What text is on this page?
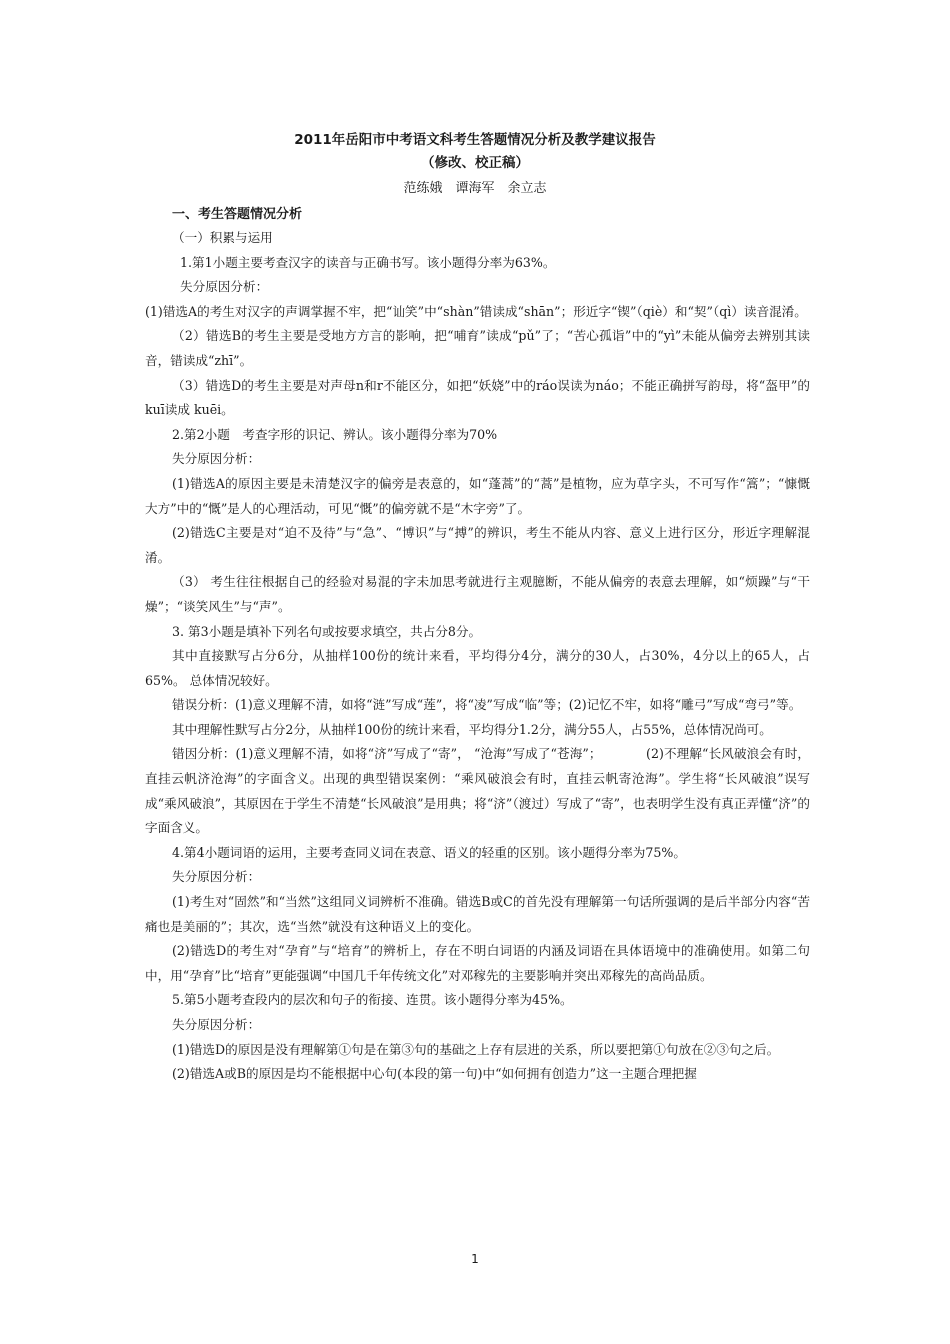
2011年岳阳市中考语文科考生答题情况分析及教学建议报告
（修改、校正稿）
范练娥　谭海军　余立志
一、考生答题情况分析

（一）积累与运用

1.第1小题主要考查汉字的读音与正确书写。该小题得分率为63%。

失分原因分析：

(1)错选A的考生对汉字的声调掌握不牢，把“讪笑”中“shàn”错读成“shān”；形近字“锲”（qiè）和“契”（qì）读音混淆。

（2）错选B的考生主要是受地方方言的影响，把“哺育”读成“pǔ”了；“苦心孤诣”中的“yì”未能从偏旁去辨别其读音，错读成“zhī”。

（3）错选D的考生主要是对声母n和r不能区分，如把“妖娆”中的ráo误读为náo；不能正确拼写韵母，将“盔甲”的 kuī读成 kuēi。

2.第2小题　考查字形的识记、辨认。该小题得分率为70%

失分原因分析：

(1)错选A的原因主要是未清楚汉字的偏旁是表意的，如“蓬蒿”的“蒿”是植物，应为草字头，不可写作“篙”；“慷慨大方”中的“慨”是人的心理活动，可见“慨”的偏旁就不是“木字旁”了。

(2)错选C主要是对“迫不及待”与“急”、“博识”与“搏”的辨识，考生不能从内容、意义上进行区分，形近字理解混淆。

（3） 考生往往根据自己的经验对易混的字未加思考就进行主观臆断，不能从偏旁的表意去理解，如“烦躁”与“干燥”；“谈笑风生”与“声”。

3. 第3小题是填补下列名句或按要求填空，共占分8分。

其中直接默写占分6分，从抽样100份的统计来看，平均得分4分，满分的30人，占30%，4分以上的65人，占65%。 总体情况较好。

错误分析：(1)意义理解不清，如将“涟”写成“莲”，将“凌”写成“临”等；(2)记忆不牢，如将“雕弓”写成“弯弓”等。

其中理解性默写占分2分，从抽样100份的统计来看，平均得分1.2分，满分55人，占55%，总体情况尚可。

错因分析：(1)意义理解不清，如将“济”写成了“寄”， “沧海”写成了“苍海”；　　　　(2)不理解“长风破浪会有时，直挂云帆济沧海”的字面含义。出现的典型错误案例：“乘风破浪会有时，直挂云帆寄沧海”。学生将“长风破浪”误写成“乘风破浪”，其原因在于学生不清楚“长风破浪”是用典；将“济”（渡过）写成了“寄”，也表明学生没有真正弄懂“济”的字面含义。

4.第4小题词语的运用，主要考查同义词在表意、语义的轻重的区别。该小题得分率为75%。

失分原因分析：

(1)考生对“固然”和“当然”这组同义词辨析不准确。错选B或C的首先没有理解第一句话所强调的是后半部分内容“苦痛也是美丽的”；其次，选“当然”就没有这种语义上的变化。

(2)错选D的考生对“孕育”与“培育”的辨析上，存在不明白词语的内涵及词语在具体语境中的准确使用。如第二句中，用“孕育”比“培育”更能强调“中国几千年传统文化”对邓稼先的主要影响并突出邓稼先的高尚品质。

5.第5小题考查段内的层次和句子的衔接、连贯。该小题得分率为45%。

失分原因分析：

(1)错选D的原因是没有理解第①句是在第③句的基础之上存有层进的关系，所以要把第①句放在②③句之后。

(2)错选A或B的原因是均不能根据中心句(本段的第一句)中“如何拥有创造力”这一主题合理把握

1
